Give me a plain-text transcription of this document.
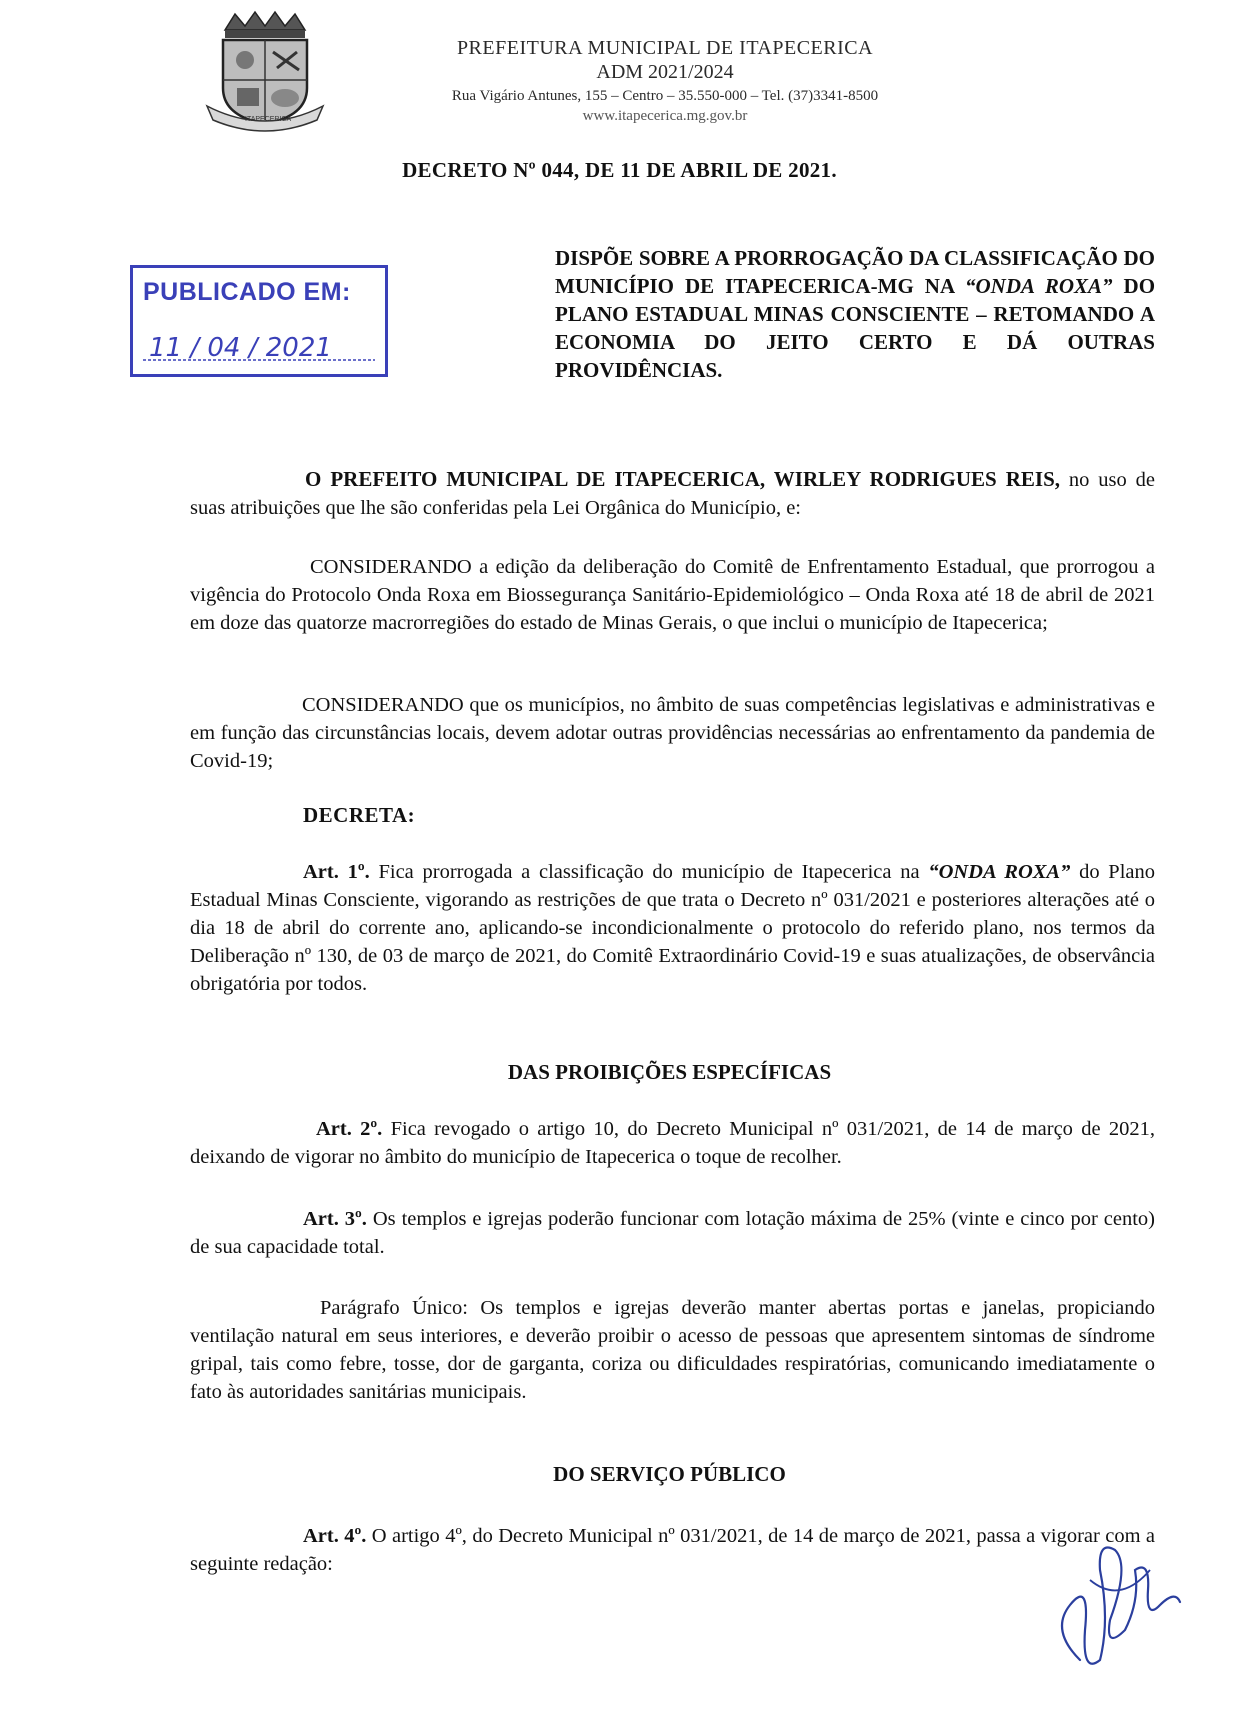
ITAPECERICA
PREFEITURA MUNICIPAL DE ITAPECERICA
ADM 2021/2024
Rua Vigário Antunes, 155 – Centro – 35.550-000 – Tel. (37)3341-8500
www.itapecerica.mg.gov.br
DECRETO Nº 044, DE 11 DE ABRIL DE 2021.
PUBLICADO EM:
11 / 04 / 2021
DISPÕE SOBRE A PRORROGAÇÃO DA CLASSIFICAÇÃO DO MUNICÍPIO DE ITAPECERICA-MG NA “ONDA ROXA” DO PLANO ESTADUAL MINAS CONSCIENTE – RETOMANDO A ECONOMIA DO JEITO CERTO E DÁ OUTRAS PROVIDÊNCIAS.
O PREFEITO MUNICIPAL DE ITAPECERICA, WIRLEY RODRIGUES REIS, no uso de suas atribuições que lhe são conferidas pela Lei Orgânica do Município, e:
CONSIDERANDO a edição da deliberação do Comitê de Enfrentamento Estadual, que prorrogou a vigência do Protocolo Onda Roxa em Biossegurança Sanitário-Epidemiológico – Onda Roxa até 18 de abril de 2021 em doze das quatorze macrorregiões do estado de Minas Gerais, o que inclui o município de Itapecerica;
CONSIDERANDO que os municípios, no âmbito de suas competências legislativas e administrativas e em função das circunstâncias locais, devem adotar outras providências necessárias ao enfrentamento da pandemia de Covid-19;
DECRETA:
Art. 1º. Fica prorrogada a classificação do município de Itapecerica na “ONDA ROXA” do Plano Estadual Minas Consciente, vigorando as restrições de que trata o Decreto nº 031/2021 e posteriores alterações até o dia 18 de abril do corrente ano, aplicando-se incondicionalmente o protocolo do referido plano, nos termos da Deliberação nº 130, de 03 de março de 2021, do Comitê Extraordinário Covid-19 e suas atualizações, de observância obrigatória por todos.
DAS PROIBIÇÕES ESPECÍFICAS
Art. 2º. Fica revogado o artigo 10, do Decreto Municipal nº 031/2021, de 14 de março de 2021, deixando de vigorar no âmbito do município de Itapecerica o toque de recolher.
Art. 3º. Os templos e igrejas poderão funcionar com lotação máxima de 25% (vinte e cinco por cento) de sua capacidade total.
Parágrafo Único: Os templos e igrejas deverão manter abertas portas e janelas, propiciando ventilação natural em seus interiores, e deverão proibir o acesso de pessoas que apresentem sintomas de síndrome gripal, tais como febre, tosse, dor de garganta, coriza ou dificuldades respiratórias, comunicando imediatamente o fato às autoridades sanitárias municipais.
DO SERVIÇO PÚBLICO
Art. 4º. O artigo 4º, do Decreto Municipal nº 031/2021, de 14 de março de 2021, passa a vigorar com a seguinte redação:
